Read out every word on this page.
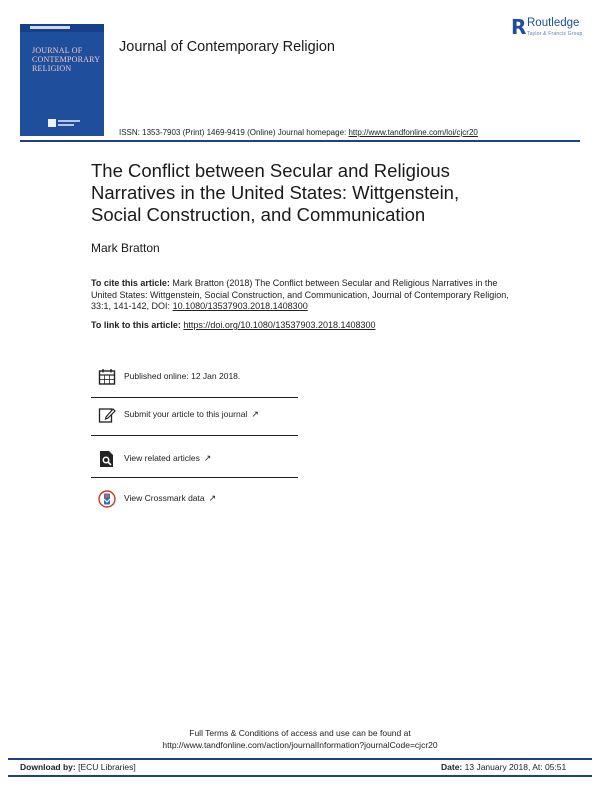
JOURNAL OF
CONTEMPORARY
RELIGION
Journal of Contemporary Religion
R Routledge
Taylor & Francis Group
ISSN: 1353-7903 (Print) 1469-9419 (Online) Journal homepage: http://www.tandfonline.com/loi/cjcr20
The Conflict between Secular and Religious Narratives in the United States: Wittgenstein, Social Construction, and Communication
Mark Bratton
To cite this article: Mark Bratton (2018) The Conflict between Secular and Religious Narratives in the United States: Wittgenstein, Social Construction, and Communication, Journal of Contemporary Religion, 33:1, 141-142, DOI: 10.1080/13537903.2018.1408300
To link to this article: https://doi.org/10.1080/13537903.2018.1408300
Published online: 12 Jan 2018.
Submit your article to this journal ↗
View related articles ↗
View Crossmark data ↗
Full Terms & Conditions of access and use can be found at
http://www.tandfonline.com/action/journalInformation?journalCode=cjcr20
Download by: [ECU Libraries]	Date: 13 January 2018, At: 05:51
